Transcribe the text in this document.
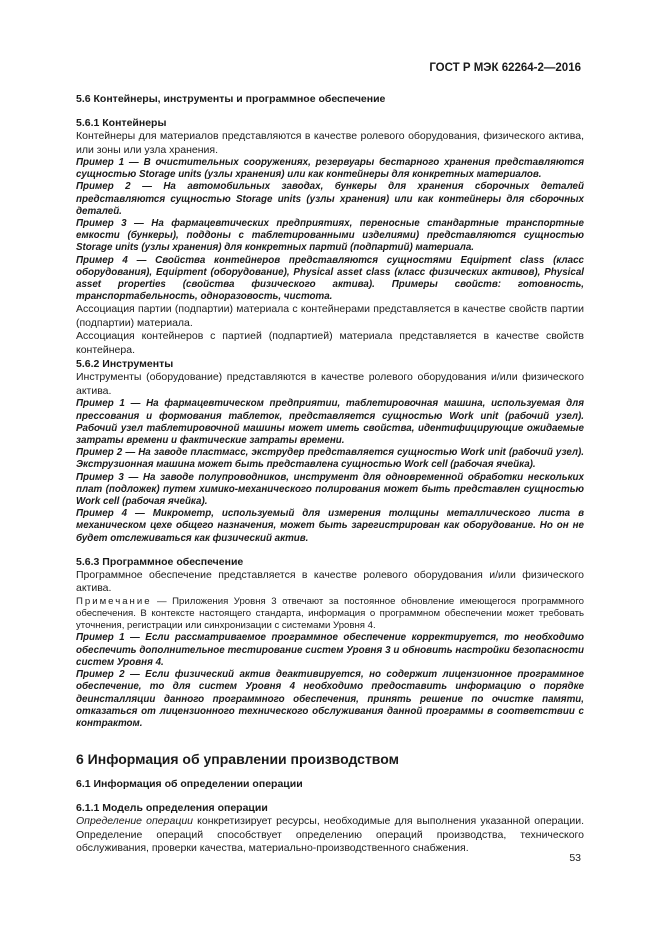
ГОСТ Р МЭК 62264-2—2016
5.6 Контейнеры, инструменты и программное обеспечение
5.6.1 Контейнеры

Контейнеры для материалов представляются в качестве ролевого оборудования, физического актива, или зоны или узла хранения.

Пример 1 — В очистительных сооружениях, резервуары бестарного хранения представляются сущностью Storage units (узлы хранения) или как контейнеры для конкретных материалов.

Пример 2 — На автомобильных заводах, бункеры для хранения сборочных деталей представляются сущностью Storage units (узлы хранения) или как контейнеры для сборочных деталей.

Пример 3 — На фармацевтических предприятиях, переносные стандартные транспортные емкости (бункеры), поддоны с таблетированными изделиями) представляются сущностью Storage units (узлы хранения) для конкретных партий (подпартий) материала.

Пример 4 — Свойства контейнеров представляются сущностями Equipment class (класс оборудования), Equipment (оборудование), Physical asset class (класс физических активов), Physical asset properties (свойства физического актива). Примеры свойств: готовность, транспортабельность, одноразовость, чистота.

Ассоциация партии (подпартии) материала с контейнерами представляется в качестве свойств партии (подпартии) материала.

Ассоциация контейнеров с партией (подпартией) материала представляется в качестве свойств контейнера.

5.6.2 Инструменты

Инструменты (оборудование) представляются в качестве ролевого оборудования и/или физического актива.

Пример 1 — На фармацевтическом предприятии, таблетировочная машина, используемая для прессования и формования таблеток, представляется сущностью Work unit (рабочий узел). Рабочий узел таблетировочной машины может иметь свойства, идентифицирующие ожидаемые затраты времени и фактические затраты времени.

Пример 2 — На заводе пластмасс, экструдер представляется сущностью Work unit (рабочий узел). Экструзионная машина может быть представлена сущностью Work cell (рабочая ячейка).

Пример 3 — На заводе полупроводников, инструмент для одновременной обработки нескольких плат (подложек) путем химико-механического полирования может быть представлен сущностью Work cell (рабочая ячейка).

Пример 4 — Микрометр, используемый для измерения толщины металлического листа в механическом цехе общего назначения, может быть зарегистрирован как оборудование. Но он не будет отслеживаться как физический актив.

5.6.3 Программное обеспечение

Программное обеспечение представляется в качестве ролевого оборудования и/или физического актива.

Примечание — Приложения Уровня 3 отвечают за постоянное обновление имеющегося программного обеспечения. В контексте настоящего стандарта, информация о программном обеспечении может требовать уточнения, регистрации или синхронизации с системами Уровня 4.

Пример 1 — Если рассматриваемое программное обеспечение корректируется, то необходимо обеспечить дополнительное тестирование систем Уровня 3 и обновить настройки безопасности систем Уровня 4.

Пример 2 — Если физический актив деактивируется, но содержит лицензионное программное обеспечение, то для систем Уровня 4 необходимо предоставить информацию о порядке деинсталляции данного программного обеспечения, принять решение по очистке памяти, отказаться от лицензионного технического обслуживания данной программы в соответствии с контрактом.

6 Информация об управлении производством
6.1 Информация об определении операции
6.1.1 Модель определения операции

Определение операции конкретизирует ресурсы, необходимые для выполнения указанной операции. Определение операций способствует определению операций производства, технического обслуживания, проверки качества, материально-производственного снабжения.

53
